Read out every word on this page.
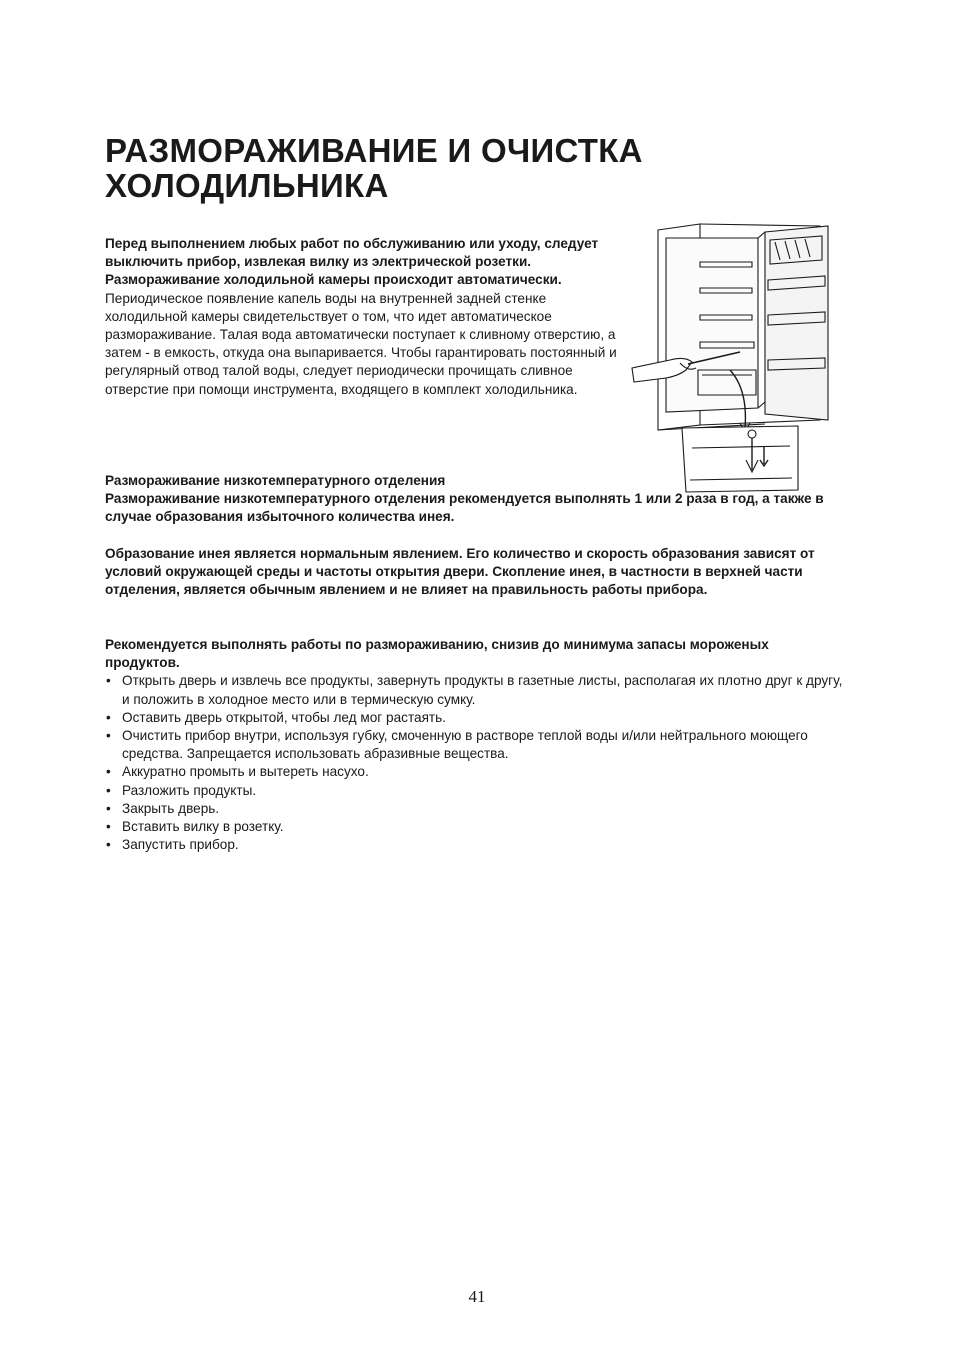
РАЗМОРАЖИВАНИЕ И ОЧИСТКА
ХОЛОДИЛЬНИКА

Перед выполнением любых работ по обслуживанию или уходу, следует выключить прибор, извлекая вилку из электрической розетки.

Размораживание холодильной камеры происходит автоматически.

Периодическое появление капель воды на внутренней задней стенке холодильной камеры свидетельствует о том, что идет автоматическое размораживание. Талая вода автоматически поступает к сливному отверстию, а затем - в емкость, откуда она выпаривается. Чтобы гарантировать постоянный и регулярный отвод талой воды, следует периодически прочищать сливное отверстие при помощи инструмента, входящего в комплект холодильника.

Размораживание низкотемпературного отделения

Размораживание низкотемпературного отделения рекомендуется выполнять 1 или 2 раза в год, а также в случае образования избыточного количества инея.

Образование инея является нормальным явлением. Его количество и скорость образования зависят от условий окружающей среды и частоты открытия двери. Скопление инея, в частности в верхней части отделения, является обычным явлением и не влияет на правильность работы прибора.

Рекомендуется выполнять работы по размораживанию, снизив до минимума запасы мороженых продуктов.

• Открыть дверь и извлечь все продукты, завернуть продукты в газетные листы, располагая их плотно друг к другу, и положить в холодное место или в термическую сумку.
• Оставить дверь открытой, чтобы лед мог растаять.
• Очистить прибор внутри, используя губку, смоченную в растворе теплой воды и/или нейтрального моющего средства. Запрещается использовать абразивные вещества.
• Аккуратно промыть и вытереть насухо.
• Разложить продукты.
• Закрыть дверь.
• Вставить вилку в розетку.
• Запустить прибор.
41
